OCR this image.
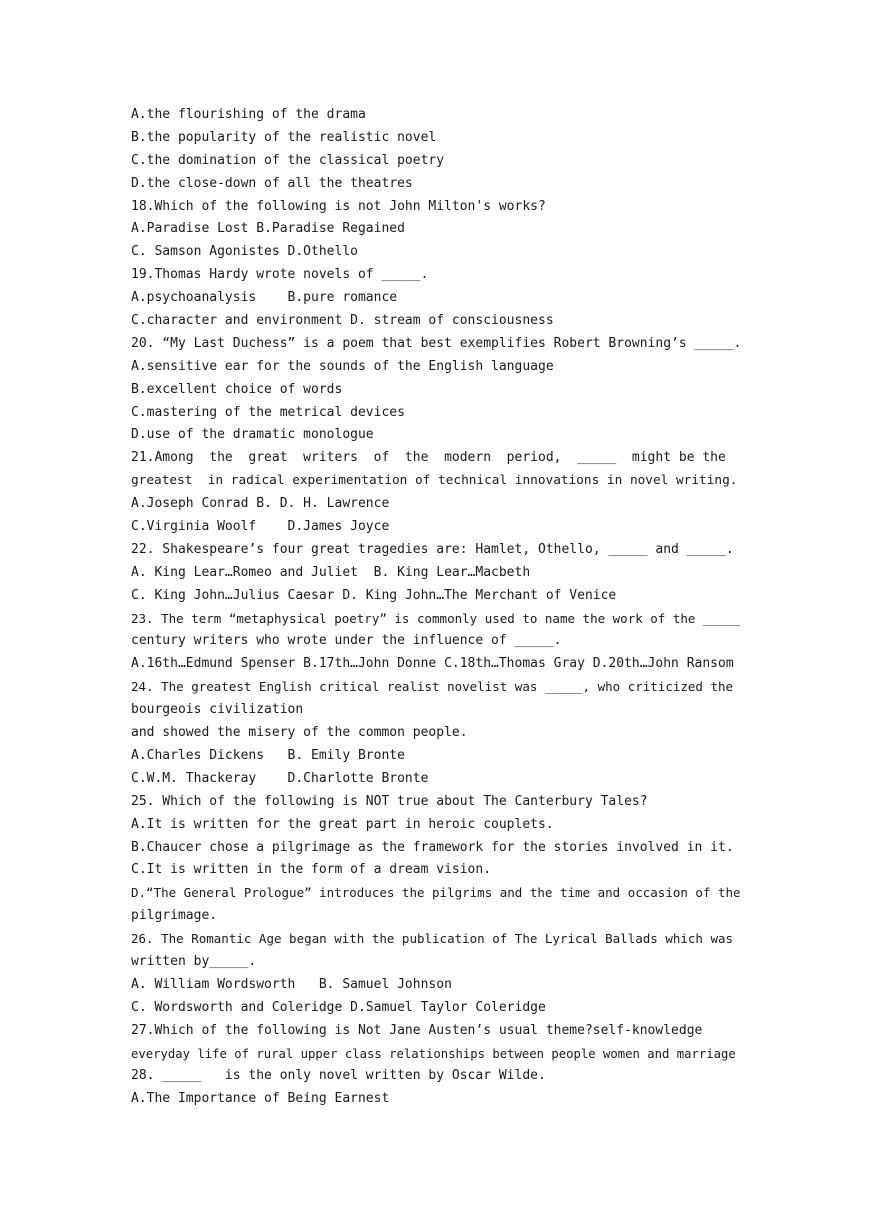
A.the flourishing of the drama
B.the popularity of the realistic novel
C.the domination of the classical poetry
D.the close-down of all the theatres
18.Which of the following is not John Milton's works?
A.Paradise Lost B.Paradise Regained
C. Samson Agonistes D.Othello
19.Thomas Hardy wrote novels of _____.
A.psychoanalysis    B.pure romance
C.character and environment D. stream of consciousness
20. “My Last Duchess” is a poem that best exemplifies Robert Browning’s _____.
A.sensitive ear for the sounds of the English language
B.excellent choice of words
C.mastering of the metrical devices
D.use of the dramatic monologue
21.Among  the  great  writers  of  the  modern  period,  _____  might be the
greatest  in radical experimentation of technical innovations in novel writing.
A.Joseph Conrad B. D. H. Lawrence
C.Virginia Woolf    D.James Joyce
22. Shakespeare’s four great tragedies are: Hamlet, Othello, _____ and _____.
A. King Lear…Romeo and Juliet  B. King Lear…Macbeth
C. King John…Julius Caesar D. King John…The Merchant of Venice
23. The term “metaphysical poetry” is commonly used to name the work of the _____
century writers who wrote under the influence of _____.
A.16th…Edmund Spenser B.17th…John Donne C.18th…Thomas Gray D.20th…John Ransom
24. The greatest English critical realist novelist was _____, who criticized the
bourgeois civilization
and showed the misery of the common people.
A.Charles Dickens   B. Emily Bronte
C.W.M. Thackeray    D.Charlotte Bronte
25. Which of the following is NOT true about The Canterbury Tales?
A.It is written for the great part in heroic couplets.
B.Chaucer chose a pilgrimage as the framework for the stories involved in it.
C.It is written in the form of a dream vision.
D.“The General Prologue” introduces the pilgrims and the time and occasion of the
pilgrimage.
26. The Romantic Age began with the publication of The Lyrical Ballads which was
written by_____.
A. William Wordsworth   B. Samuel Johnson
C. Wordsworth and Coleridge D.Samuel Taylor Coleridge
27.Which of the following is Not Jane Austen’s usual theme?self-knowledge
everyday life of rural upper class relationships between people women and marriage
28. _____   is the only novel written by Oscar Wilde.
A.The Importance of Being Earnest
